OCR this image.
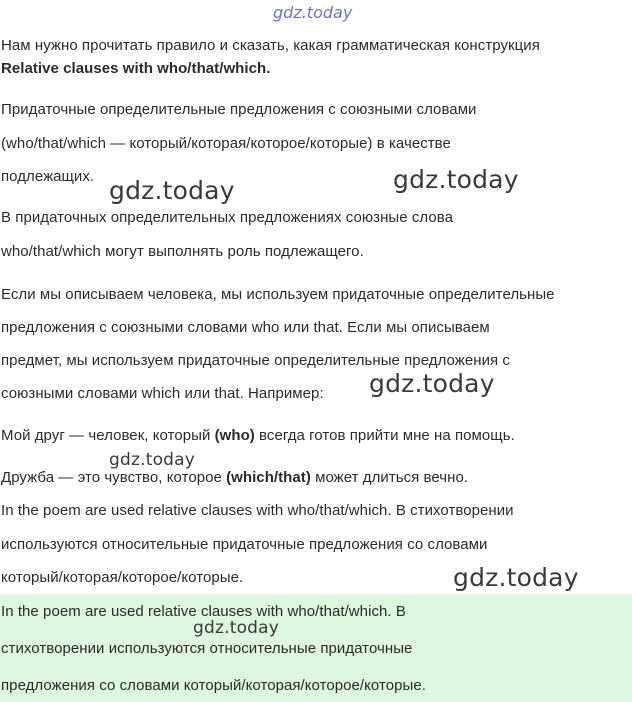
gdz.today
Нам нужно прочитать правило и сказать, какая грамматическая конструкция
Relative clauses with who/that/which.
Придаточные определительные предложения с союзными словами
(who/that/which — который/которая/которое/которые) в качестве
подлежащих.
В придаточных определительных предложениях союзные слова
who/that/which могут выполнять роль подлежащего.
Если мы описываем человека, мы используем придаточные определительные
предложения с союзными словами who или that. Если мы описываем
предмет, мы используем придаточные определительные предложения с
союзными словами which или that. Например:
Мой друг — человек, который (who) всегда готов прийти мне на помощь.
Дружба — это чувство, которое (which/that) может длиться вечно.
In the poem are used relative clauses with who/that/which. В стихотворении
используются относительные придаточные предложения со словами
который/которая/которое/которые.
In the poem are used relative clauses with who/that/which. В
стихотворении используются относительные придаточные
предложения со словами который/которая/которое/которые.
gdz.today	gdz.today
gdz.today
gdz.today
gdz.today
gdz.today
